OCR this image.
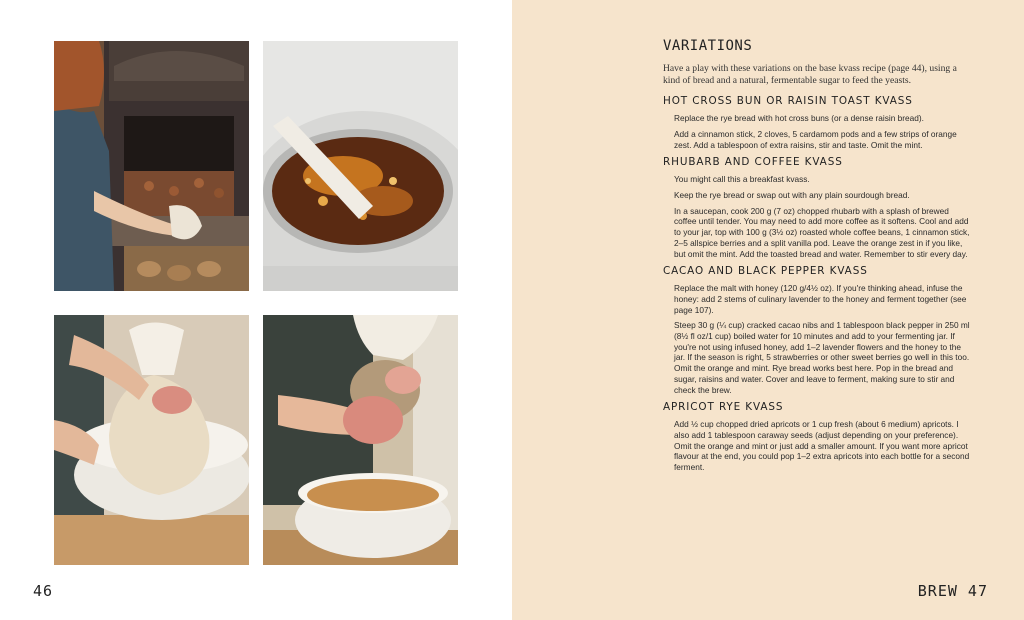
46
VARIATIONS

Have a play with these variations on the base kvass recipe (page 44), using a kind of bread and a natural, fermentable sugar to feed the yeasts.

HOT CROSS BUN OR RAISIN TOAST KVASS

Replace the rye bread with hot cross buns (or a dense raisin bread).

Add a cinnamon stick, 2 cloves, 5 cardamom pods and a few strips of orange zest. Add a tablespoon of extra raisins, stir and taste. Omit the mint.

RHUBARB AND COFFEE KVASS

You might call this a breakfast kvass.

Keep the rye bread or swap out with any plain sourdough bread.

In a saucepan, cook 200 g (7 oz) chopped rhubarb with a splash of brewed coffee until tender. You may need to add more coffee as it softens. Cool and add to your jar, top with 100 g (3½ oz) roasted whole coffee beans, 1 cinnamon stick, 2–5 allspice berries and a split vanilla pod. Leave the orange zest in if you like, but omit the mint. Add the toasted bread and water. Remember to stir every day.

CACAO AND BLACK PEPPER KVASS

Replace the malt with honey (120 g/4½ oz). If you're thinking ahead, infuse the honey: add 2 stems of culinary lavender to the honey and ferment together (see page 107).

Steep 30 g (¼ cup) cracked cacao nibs and 1 tablespoon black pepper in 250 ml (8½ fl oz/1 cup) boiled water for 10 minutes and add to your fermenting jar. If you're not using infused honey, add 1–2 lavender flowers and the honey to the jar. If the season is right, 5 strawberries or other sweet berries go well in this too. Omit the orange and mint. Rye bread works best here. Pop in the bread and sugar, raisins and water. Cover and leave to ferment, making sure to stir and check the brew.

APRICOT RYE KVASS

Add ½ cup chopped dried apricots or 1 cup fresh (about 6 medium) apricots. I also add 1 tablespoon caraway seeds (adjust depending on your preference). Omit the orange and mint or just add a smaller amount. If you want more apricot flavour at the end, you could pop 1–2 extra apricots into each bottle for a second ferment.

BREW 47
